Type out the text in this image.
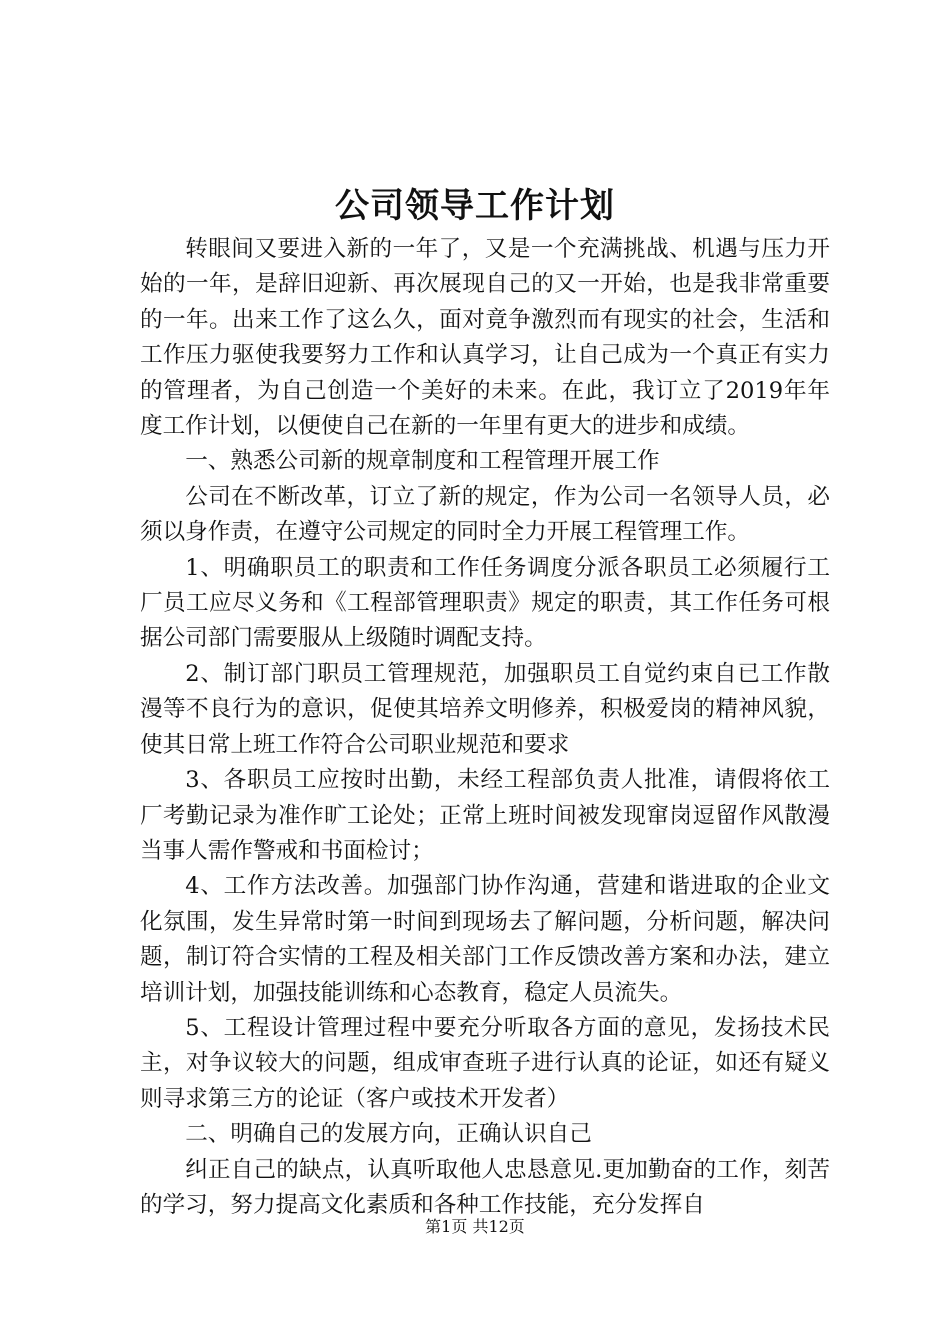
公司领导工作计划

转眼间又要进入新的一年了，又是一个充满挑战、机遇与压力开始的一年，是辞旧迎新、再次展现自己的又一开始，也是我非常重要的一年。出来工作了这么久，面对竟争激烈而有现实的社会，生活和工作压力驱使我要努力工作和认真学习，让自己成为一个真正有实力的管理者，为自己创造一个美好的未来。在此，我订立了2019年年度工作计划，以便使自己在新的一年里有更大的进步和成绩。

一、熟悉公司新的规章制度和工程管理开展工作

公司在不断改革，订立了新的规定，作为公司一名领导人员，必须以身作责，在遵守公司规定的同时全力开展工程管理工作。

1、明确职员工的职责和工作任务调度分派各职员工必须履行工厂员工应尽义务和《工程部管理职责》规定的职责，其工作任务可根据公司部门需要服从上级随时调配支持。

2、制订部门职员工管理规范，加强职员工自觉约束自已工作散漫等不良行为的意识，促使其培养文明修养，积极爱岗的精神风貌，使其日常上班工作符合公司职业规范和要求

3、各职员工应按时出勤，未经工程部负责人批准，请假将依工厂考勤记录为准作旷工论处；正常上班时间被发现窜岗逗留作风散漫当事人需作警戒和书面检讨；

4、工作方法改善。加强部门协作沟通，营建和谐进取的企业文化氛围，发生异常时第一时间到现场去了解问题，分析问题，解决问题，制订符合实情的工程及相关部门工作反馈改善方案和办法，建立培训计划，加强技能训练和心态教育，稳定人员流失。

5、工程设计管理过程中要充分听取各方面的意见，发扬技术民主，对争议较大的问题，组成审查班子进行认真的论证，如还有疑义则寻求第三方的论证（客户或技术开发者）

二、明确自己的发展方向，正确认识自己

纠正自己的缺点，认真听取他人忠恳意见.更加勤奋的工作，刻苦的学习，努力提高文化素质和各种工作技能，充分发挥自

第1页 共12页
